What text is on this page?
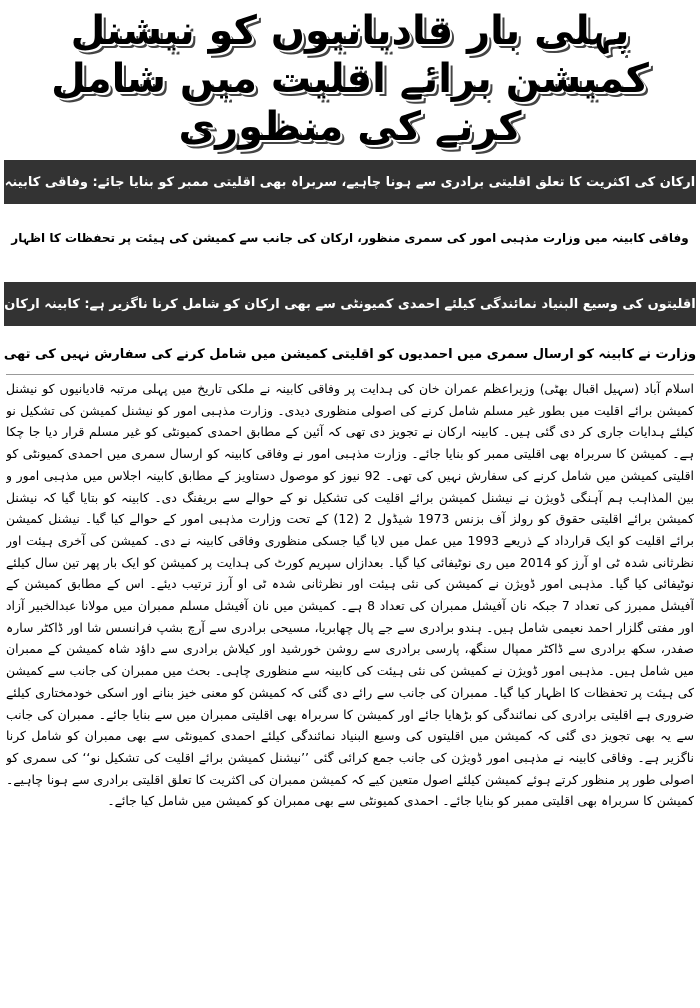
پہلی بار قادیانیوں کو نیشنل کمیشن برائے اقلیت میں شامل کرنے کی منظوری
ارکان کی اکثریت کا تعلق اقلیتی برادری سے ہونا چاہیے، سربراہ بھی اقلیتی ممبر کو بنایا جائے: وفاقی کابینہ
وفاقی کابینہ میں وزارت مذہبی امور کی سمری منظور، ارکان کی جانب سے کمیشن کی ہیئت پر تحفظات کا اظہار
اقلیتوں کی وسیع البنیاد نمائندگی کیلئے احمدی کمیونٹی سے بھی ارکان کو شامل کرنا ناگزیر ہے: کابینہ ارکان
وزارت نے کابینہ کو ارسال سمری میں احمدیوں کو اقلیتی کمیشن میں شامل کرنے کی سفارش نہیں کی تھی
اسلام آباد (سہیل اقبال بھٹی) وزیراعظم عمران خان کی ہدایت پر وفاقی کابینہ نے ملکی تاریخ میں پہلی مرتبہ قادیانیوں کو نیشنل کمیشن برائے اقلیت میں بطور غیر مسلم شامل کرنے کی اصولی منظوری دیدی۔ وزارت مذہبی امور کو نیشنل کمیشن کی تشکیل نو کیلئے ہدایات جاری کر دی گئی ہیں۔ کابینہ ارکان نے تجویز دی تھی کہ آئین کے مطابق احمدی کمیونٹی کو غیر مسلم قرار دیا جا چکا ہے۔ کمیشن کا سربراہ بھی اقلیتی ممبر کو بنایا جائے۔ وزارت مذہبی امور نے وفاقی کابینہ کو ارسال سمری میں احمدی کمیونٹی کو اقلیتی کمیشن میں شامل کرنے کی سفارش نہیں کی تھی۔ 92 نیوز کو موصول دستاویز کے مطابق کابینہ اجلاس میں مذہبی امور و بین المذاہب ہم آہنگی ڈویژن نے نیشنل کمیشن برائے اقلیت کی تشکیل نو کے حوالے سے بریفنگ دی۔ کابینہ کو بتایا گیا کہ نیشنل کمیشن برائے اقلیتی حقوق کو رولز آف بزنس 1973 شیڈول 2 (12) کے تحت وزارت مذہبی امور کے حوالے کیا گیا۔ نیشنل کمیشن برائے اقلیت کو ایک قرارداد کے ذریعے 1993 میں عمل میں لایا گیا جسکی منظوری وفاقی کابینہ نے دی۔ کمیشن کی آخری ہیئت اور نظرثانی شدہ ٹی او آرز کو 2014 میں ری نوٹیفائی کیا گیا۔ بعدازاں سپریم کورٹ کی ہدایت پر کمیشن کو ایک بار پھر تین سال کیلئے نوٹیفائی کیا گیا۔ مذہبی امور ڈویژن نے کمیشن کی نئی ہیئت اور نظرثانی شدہ ٹی او آرز ترتیب دیئے۔ اس کے مطابق کمیشن کے آفیشل ممبرز کی تعداد 7 جبکہ نان آفیشل ممبران کی تعداد 8 ہے۔ کمیشن میں نان آفیشل مسلم ممبران میں مولانا عبدالخبیر آزاد اور مفتی گلزار احمد نعیمی شامل ہیں۔ ہندو برادری سے جے پال چھابریا، مسیحی برادری سے آرچ بشپ فرانسس شا اور ڈاکٹر سارہ صفدر، سکھ برادری سے ڈاکٹر ممپال سنگھ، پارسی برادری سے روشن خورشید اور کیلاش برادری سے داؤد شاہ کمیشن کے ممبران میں شامل ہیں۔ مذہبی امور ڈویژن نے کمیشن کی نئی ہیئت کی کابینہ سے منظوری چاہی۔ بحث میں ممبران کی جانب سے کمیشن کی ہیئت پر تحفظات کا اظہار کیا گیا۔ ممبران کی جانب سے رائے دی گئی کہ کمیشن کو معنی خیز بنانے اور اسکی خودمختاری کیلئے ضروری ہے اقلیتی برادری کی نمائندگی کو بڑھایا جائے اور کمیشن کا سربراہ بھی اقلیتی ممبران میں سے بنایا جائے۔ ممبران کی جانب سے یہ بھی تجویز دی گئی کہ کمیشن میں اقلیتوں کی وسیع البنیاد نمائندگی کیلئے احمدی کمیونٹی سے بھی ممبران کو شامل کرنا ناگزیر ہے۔ وفاقی کابینہ نے مذہبی امور ڈویژن کی جانب جمع کرائی گئی ’’نیشنل کمیشن برائے اقلیت کی تشکیل نو‘‘ کی سمری کو اصولی طور پر منظور کرتے ہوئے کمیشن کیلئے اصول متعین کیے کہ کمیشن ممبران کی اکثریت کا تعلق اقلیتی برادری سے ہونا چاہیے۔ کمیشن کا سربراہ بھی اقلیتی ممبر کو بنایا جائے۔ احمدی کمیونٹی سے بھی ممبران کو کمیشن میں شامل کیا جائے۔
